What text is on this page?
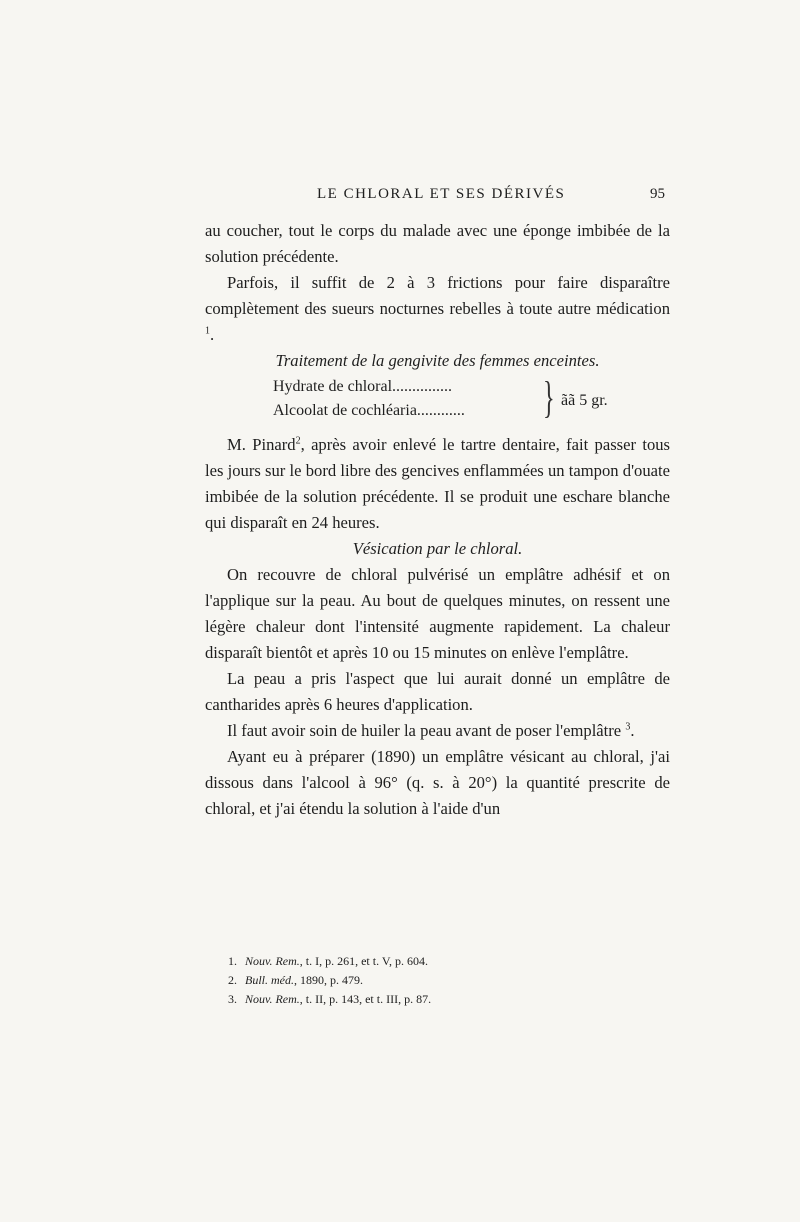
LE CHLORAL ET SES DÉRIVÉS	95

au coucher, tout le corps du malade avec une éponge imbibée de la solution précédente.

Parfois, il suffit de 2 à 3 frictions pour faire disparaître complètement des sueurs nocturnes rebelles à toute autre médication $^1$.

Traitement de la gengivite des femmes enceintes.

Hydrate de chloral...............
Alcoolat de cochléaria............ } ãã 5 gr.

M. Pinard$^2$, après avoir enlevé le tartre dentaire, fait passer tous les jours sur le bord libre des gencives enflammées un tampon d'ouate imbibée de la solution précédente. Il se produit une eschare blanche qui disparaît en 24 heures.

Vésication par le chloral.

On recouvre de chloral pulvérisé un emplâtre adhésif et on l'applique sur la peau. Au bout de quelques minutes, on ressent une légère chaleur dont l'intensité augmente rapidement. La chaleur disparaît bientôt et après 10 ou 15 minutes on enlève l'emplâtre.

La peau a pris l'aspect que lui aurait donné un emplâtre de cantharides après 6 heures d'application.

Il faut avoir soin de huiler la peau avant de poser l'emplâtre $^3$.

Ayant eu à préparer (1890) un emplâtre vésicant au chloral, j'ai dissous dans l'alcool à 96° (q. s. à 20°) la quantité prescrite de chloral, et j'ai étendu la solution à l'aide d'un

1. Nouv. Rem., t. I, p. 261, et t. V, p. 604.

2. Bull. méd., 1890, p. 479.

3. Nouv. Rem., t. II, p. 143, et t. III, p. 87.
